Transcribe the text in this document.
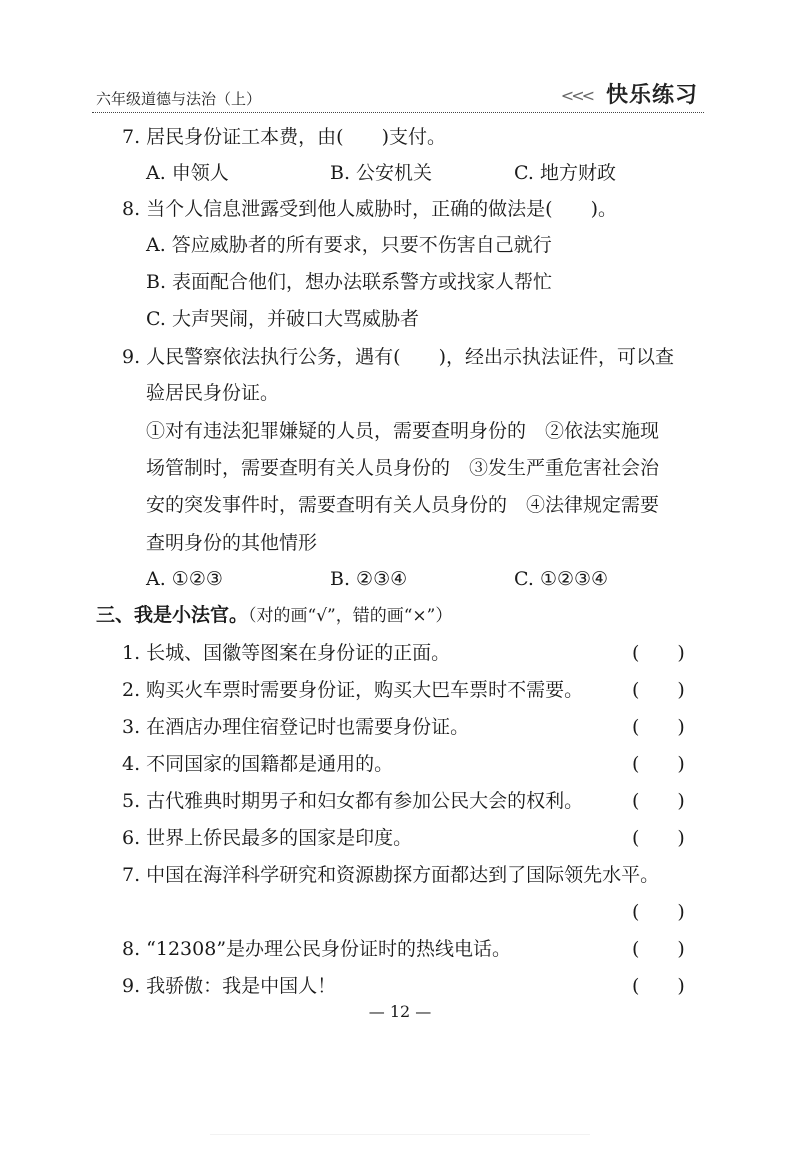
六年级道德与法治（上）	<<< 快乐练习
7. 居民身份证工本费，由(　　)支付。
A. 申领人	B. 公安机关	C. 地方财政
8. 当个人信息泄露受到他人威胁时，正确的做法是(　　)。
A. 答应威胁者的所有要求，只要不伤害自己就行
B. 表面配合他们，想办法联系警方或找家人帮忙
C. 大声哭闹，并破口大骂威胁者
9. 人民警察依法执行公务，遇有(　　)，经出示执法证件，可以查
验居民身份证。
①对有违法犯罪嫌疑的人员，需要查明身份的　②依法实施现
场管制时，需要查明有关人员身份的　③发生严重危害社会治
安的突发事件时，需要查明有关人员身份的　④法律规定需要
查明身份的其他情形
A. ①②③	B. ②③④	C. ①②③④
三、我是小法官。（对的画“√”，错的画“×”）
1. 长城、国徽等图案在身份证的正面。	(　　)
2. 购买火车票时需要身份证，购买大巴车票时不需要。	(　　)
3. 在酒店办理住宿登记时也需要身份证。	(　　)
4. 不同国家的国籍都是通用的。	(　　)
5. 古代雅典时期男子和妇女都有参加公民大会的权利。	(　　)
6. 世界上侨民最多的国家是印度。	(　　)
7. 中国在海洋科学研究和资源勘探方面都达到了国际领先水平。
(　　)
8. “12308”是办理公民身份证时的热线电话。	(　　)
9. 我骄傲：我是中国人！	(　　)
— 12 —
